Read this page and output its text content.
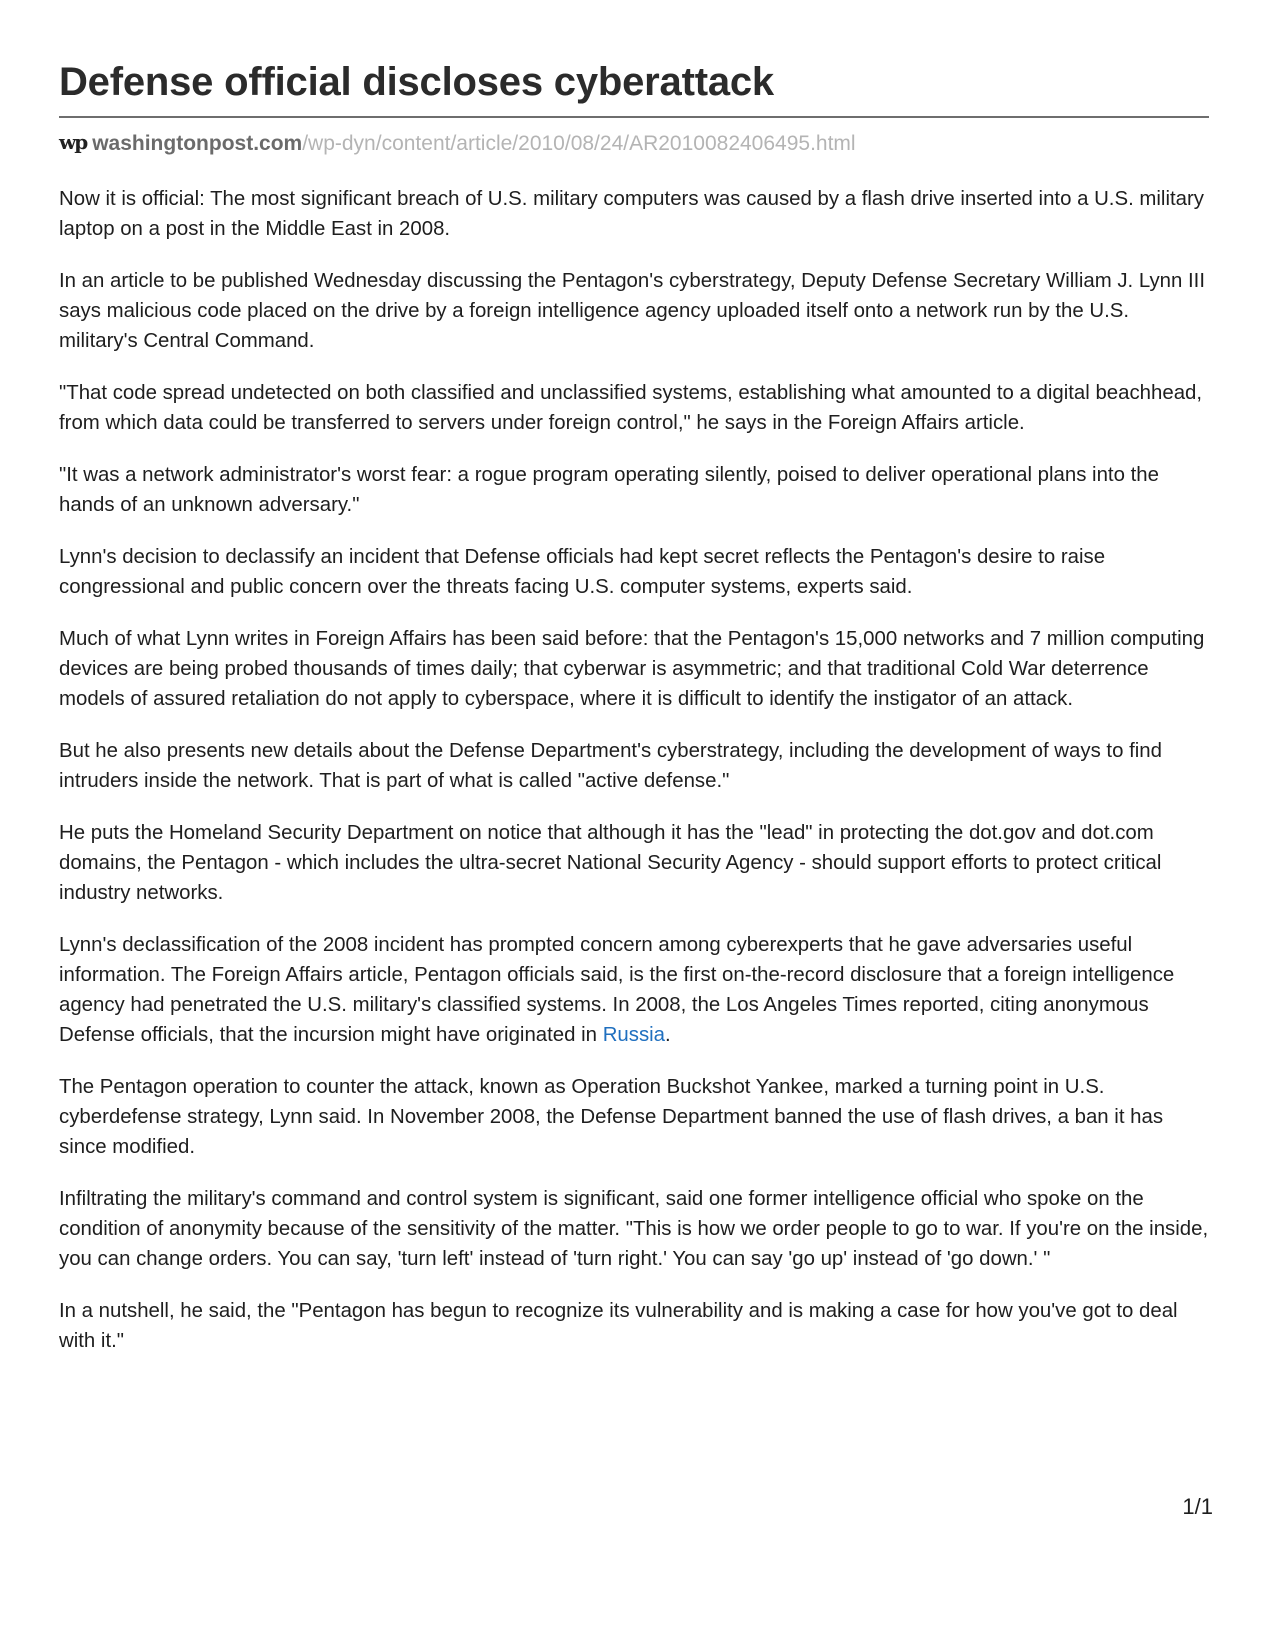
Defense official discloses cyberattack
wp washingtonpost.com/wp-dyn/content/article/2010/08/24/AR2010082406495.html

Now it is official: The most significant breach of U.S. military computers was caused by a flash drive inserted into a U.S. military laptop on a post in the Middle East in 2008.

In an article to be published Wednesday discussing the Pentagon's cyberstrategy, Deputy Defense Secretary William J. Lynn III says malicious code placed on the drive by a foreign intelligence agency uploaded itself onto a network run by the U.S. military's Central Command.

"That code spread undetected on both classified and unclassified systems, establishing what amounted to a digital beachhead, from which data could be transferred to servers under foreign control," he says in the Foreign Affairs article.

"It was a network administrator's worst fear: a rogue program operating silently, poised to deliver operational plans into the hands of an unknown adversary."

Lynn's decision to declassify an incident that Defense officials had kept secret reflects the Pentagon's desire to raise congressional and public concern over the threats facing U.S. computer systems, experts said.

Much of what Lynn writes in Foreign Affairs has been said before: that the Pentagon's 15,000 networks and 7 million computing devices are being probed thousands of times daily; that cyberwar is asymmetric; and that traditional Cold War deterrence models of assured retaliation do not apply to cyberspace, where it is difficult to identify the instigator of an attack.

But he also presents new details about the Defense Department's cyberstrategy, including the development of ways to find intruders inside the network. That is part of what is called "active defense."

He puts the Homeland Security Department on notice that although it has the "lead" in protecting the dot.gov and dot.com domains, the Pentagon - which includes the ultra-secret National Security Agency - should support efforts to protect critical industry networks.

Lynn's declassification of the 2008 incident has prompted concern among cyberexperts that he gave adversaries useful information. The Foreign Affairs article, Pentagon officials said, is the first on-the-record disclosure that a foreign intelligence agency had penetrated the U.S. military's classified systems. In 2008, the Los Angeles Times reported, citing anonymous Defense officials, that the incursion might have originated in Russia.

The Pentagon operation to counter the attack, known as Operation Buckshot Yankee, marked a turning point in U.S. cyberdefense strategy, Lynn said. In November 2008, the Defense Department banned the use of flash drives, a ban it has since modified.

Infiltrating the military's command and control system is significant, said one former intelligence official who spoke on the condition of anonymity because of the sensitivity of the matter. "This is how we order people to go to war. If you're on the inside, you can change orders. You can say, 'turn left' instead of 'turn right.' You can say 'go up' instead of 'go down.' "

In a nutshell, he said, the "Pentagon has begun to recognize its vulnerability and is making a case for how you've got to deal with it."

1/1
